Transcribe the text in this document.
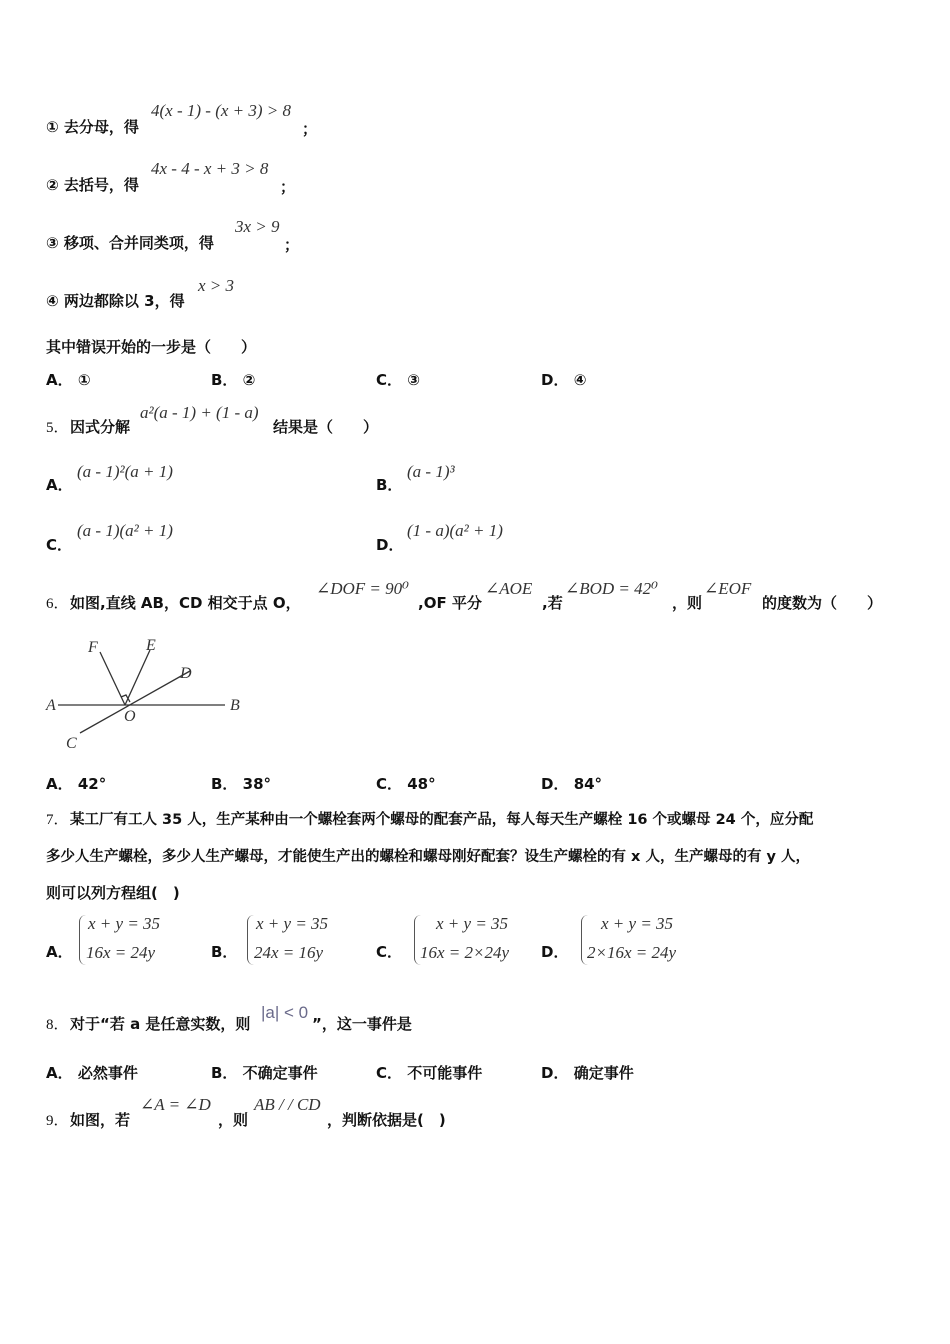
① 去分母，得
4(x - 1) - (x + 3) > 8
；
② 去括号，得
4x - 4 - x + 3 > 8
；
③ 移项、合并同类项，得
3x > 9
；
④ 两边都除以 3，得
x > 3
其中错误开始的一步是（　　）
A． ①	B． ②	C． ③	D． ④
5． 因式分解
a²(a - 1) + (1 - a)
结果是（　　）
A．
(a - 1)²(a + 1)
B．
(a - 1)³
C．
(a - 1)(a² + 1)
D．
(1 - a)(a² + 1)
6． 如图,直线 AB，CD 相交于点 O，
∠DOF = 90⁰
,OF 平分
∠AOE
,若
∠BOD = 42⁰
，则
∠EOF
的度数为（　　）
A	B
C
D
E
F
O
A． 42°	B． 38°	C． 48°	D． 84°
7． 某工厂有工人 35 人，生产某种由一个螺栓套两个螺母的配套产品，每人每天生产螺栓 16 个或螺母 24 个，应分配
多少人生产螺栓，多少人生产螺母，才能使生产出的螺栓和螺母刚好配套？设生产螺栓的有 x 人，生产螺母的有 y 人，
则可以列方程组(　)
A．
x + y = 35
16x = 24y	B．
x + y = 35
24x = 16y	C．
x + y = 35
16x = 2×24y D．
x + y = 35
2×16x = 24y
8． 对于“若 a 是任意实数，则
|a| < 0
”，这一事件是
A． 必然事件	B． 不确定事件	C． 不可能事件	D． 确定事件
9． 如图，若
∠A = ∠D
，则
AB / / CD
，判断依据是(　)
